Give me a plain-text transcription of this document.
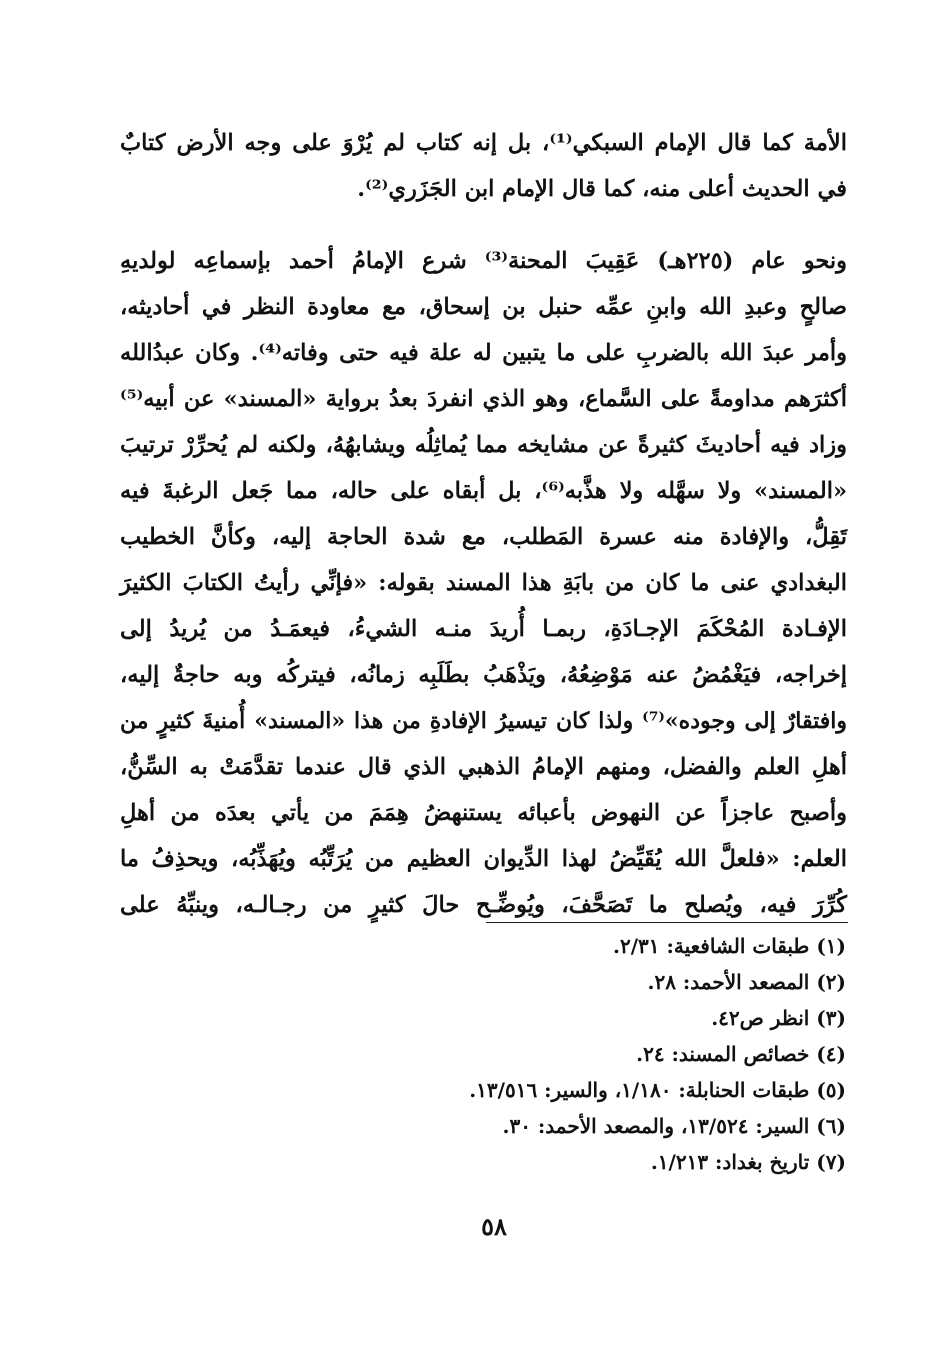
الأمة كما قال الإمام السبكي⁽¹⁾، بل إنه كتاب لم يُرْوَ على وجه الأرض كتابٌ
في الحديث أعلى منه، كما قال الإمام ابن الجَزَري⁽²⁾.
ونحو عام (٢٢٥هـ) عَقِيبَ المحنة⁽³⁾ شرع الإمامُ أحمد بإسماعِه لولديهِ
صالحٍ وعبدِ الله وابنِ عمِّه حنبل بن إسحاق، مع معاودة النظر في أحاديثه،
وأمر عبدَ الله بالضربِ على ما يتبين له علة فيه حتى وفاته⁽⁴⁾. وكان عبدُالله
أكثرَهم مداومةً على السَّماع، وهو الذي انفردَ بعدُ برواية «المسند» عن أبيه⁽⁵⁾
وزاد فيه أحاديثَ كثيرةً عن مشايخه مما يُماثِلُه ويشابهُهُ، ولكنه لم يُحرِّرْ ترتيبَ
«المسند» ولا سهَّله ولا هذَّبه⁽⁶⁾، بل أبقاه على حاله، مما جَعل الرغبةَ فيه
تَقِلُّ، والإفادة منه عسرة المَطلب، مع شدة الحاجة إليه، وكأنَّ الخطيب
البغدادي عنى ما كان من بابَةِ هذا المسند بقوله: «فإنِّي رأيتُ الكتابَ الكثيرَ
الإفـادة المُحْكَمَ الإجـادَةِ، ربمـا أُريدَ منـه الشيءُ، فيعمَـدُ من يُريدُ إلى
إخراجه، فيَغْمُضُ عنه مَوْضِعُهُ، ويَذْهَبُ بطَلَبِه زمانُه، فيتركُه وبه حاجةٌ إليه،
وافتقارٌ إلى وجوده»⁽⁷⁾ ولذا كان تيسيرُ الإفادةِ من هذا «المسند» أُمنيةَ كثيرٍ من
أهلِ العلم والفضل، ومنهم الإمامُ الذهبي الذي قال عندما تقدَّمَتْ به السِّنُّ،
وأصبح عاجزاً عن النهوض بأعبائه يستنهضُ هِمَمَ من يأتي بعدَه من أهلِ
العلم: «فلعلَّ الله يُقَيِّضُ لهذا الدِّيوان العظيم من يُرَتِّبُه ويُهَذِّبُه، ويحذِفُ ما
كُرِّرَ فيه، ويُصلح ما تَصَحَّفَ، ويُوضِّـح حالَ كثيرٍ من رجـالـه، وينبِّهُ على
(١) طبقات الشافعية: ٢/٣١.
(٢) المصعد الأحمد: ٢٨.
(٣) انظر ص٤٢.
(٤) خصائص المسند: ٢٤.
(٥) طبقات الحنابلة: ١/١٨٠، والسير: ١٣/٥١٦.
(٦) السير: ١٣/٥٢٤، والمصعد الأحمد: ٣٠.
(٧) تاريخ بغداد: ١/٢١٣.
٥٨
